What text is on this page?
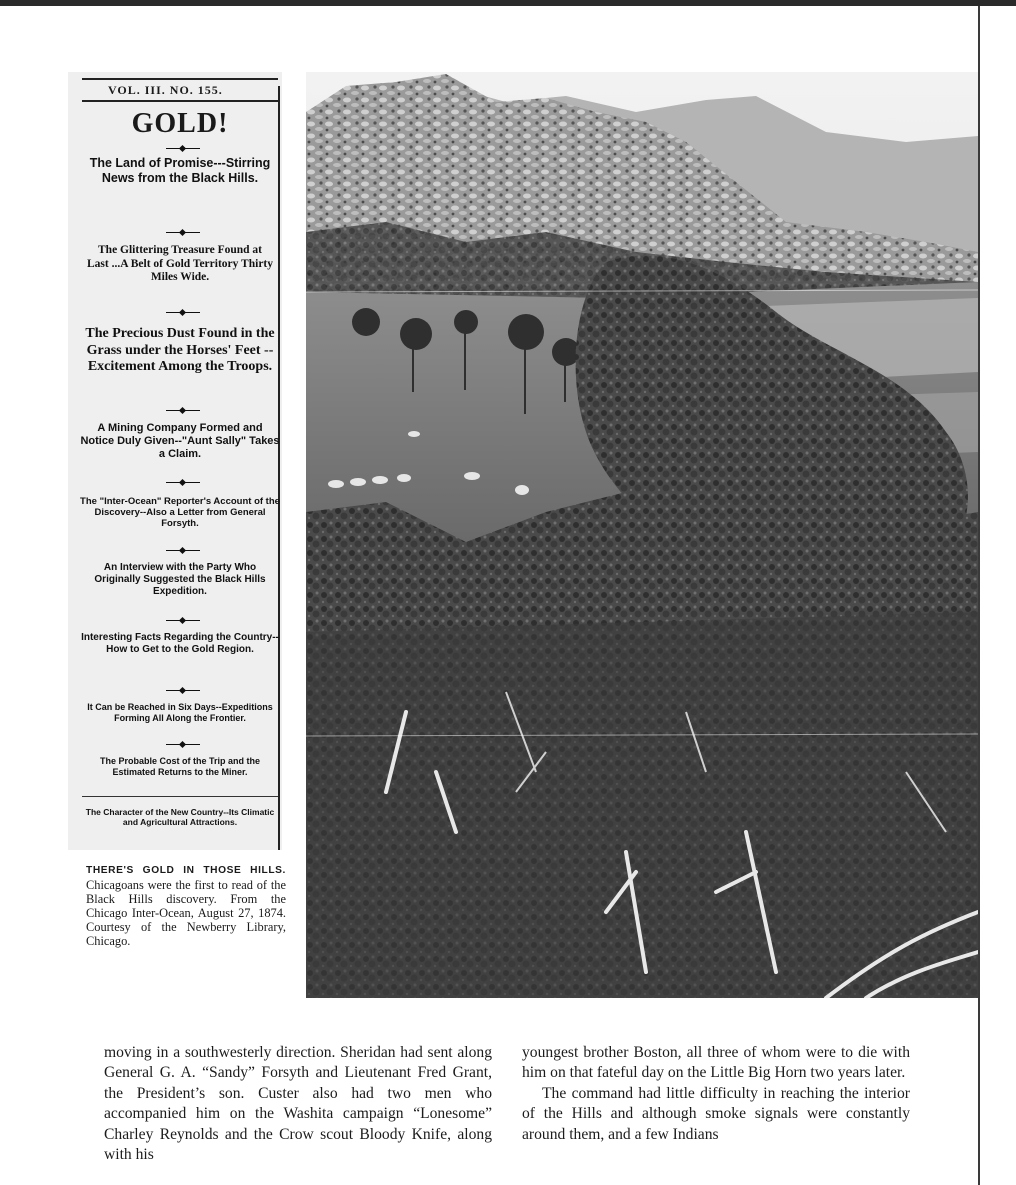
VOL. III. NO. 155.
GOLD!
The Land of Promise---Stirring News from the Black Hills.
The Glittering Treasure Found at Last ...A Belt of Gold Territory Thirty Miles Wide.
The Precious Dust Found in the Grass under the Horses' Feet --Excitement Among the Troops.
A Mining Company Formed and Notice Duly Given--"Aunt Sally" Takes a Claim.
The "Inter-Ocean" Reporter's Account of the Discovery--Also a Letter from General Forsyth.
An Interview with the Party Who Originally Suggested the Black Hills Expedition.
Interesting Facts Regarding the Country--How to Get to the Gold Region.
It Can be Reached in Six Days--Expeditions Forming All Along the Frontier.
The Probable Cost of the Trip and the Estimated Returns to the Miner.
The Character of the New Country--Its Climatic and Agricultural Attractions.
THERE'S GOLD IN THOSE HILLS. Chicagoans were the first to read of the Black Hills discovery. From the Chicago Inter-Ocean, August 27, 1874. Courtesy of the Newberry Library, Chicago.

moving in a southwesterly direction. Sheridan had sent along General G. A. “Sandy” Forsyth and Lieutenant Fred Grant, the President’s son. Custer also had two men who accompanied him on the Washita campaign “Lonesome” Charley Reynolds and the Crow scout Bloody Knife, along with his

youngest brother Boston, all three of whom were to die with him on that fateful day on the Little Big Horn two years later.

The command had little difficulty in reaching the interior of the Hills and although smoke signals were constantly around them, and a few Indians
